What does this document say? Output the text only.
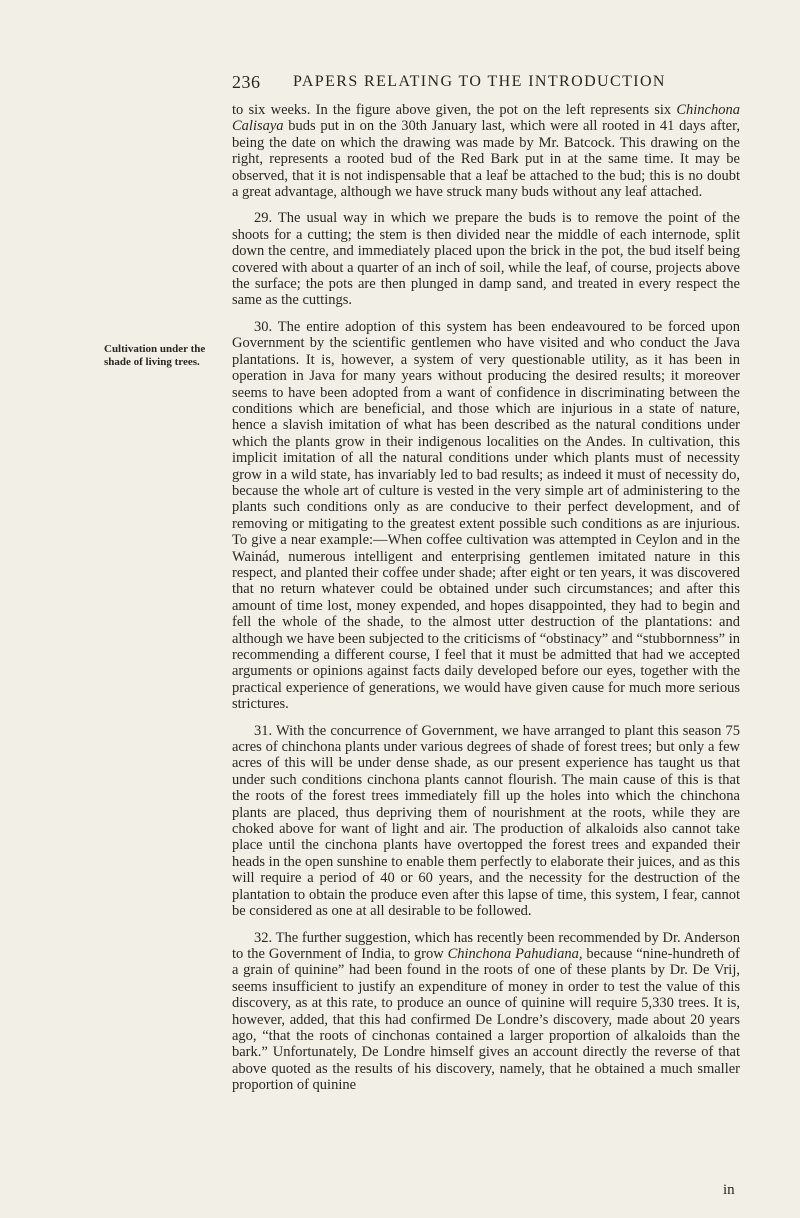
236 PAPERS RELATING TO THE INTRODUCTION
Cultivation under the shade of living trees.

to six weeks. In the figure above given, the pot on the left represents six Chinchona Calisaya buds put in on the 30th January last, which were all rooted in 41 days after, being the date on which the drawing was made by Mr. Batcock. This drawing on the right, represents a rooted bud of the Red Bark put in at the same time. It may be observed, that it is not indispensable that a leaf be attached to the bud; this is no doubt a great advantage, although we have struck many buds without any leaf attached.

29. The usual way in which we prepare the buds is to remove the point of the shoots for a cutting; the stem is then divided near the middle of each internode, split down the centre, and immediately placed upon the brick in the pot, the bud itself being covered with about a quarter of an inch of soil, while the leaf, of course, projects above the surface; the pots are then plunged in damp sand, and treated in every respect the same as the cuttings.

30. The entire adoption of this system has been endeavoured to be forced upon Government by the scientific gentlemen who have visited and who conduct the Java plantations. It is, however, a system of very questionable utility, as it has been in operation in Java for many years without producing the desired results; it moreover seems to have been adopted from a want of confidence in discriminating between the conditions which are beneficial, and those which are injurious in a state of nature, hence a slavish imitation of what has been described as the natural conditions under which the plants grow in their indigenous localities on the Andes. In cultivation, this implicit imitation of all the natural conditions under which plants must of necessity grow in a wild state, has invariably led to bad results; as indeed it must of necessity do, because the whole art of culture is vested in the very simple art of administering to the plants such conditions only as are conducive to their perfect development, and of removing or mitigating to the greatest extent possible such conditions as are injurious. To give a near example:—When coffee cultivation was attempted in Ceylon and in the Wainád, numerous intelligent and enterprising gentlemen imitated nature in this respect, and planted their coffee under shade; after eight or ten years, it was discovered that no return whatever could be obtained under such circumstances; and after this amount of time lost, money expended, and hopes disappointed, they had to begin and fell the whole of the shade, to the almost utter destruction of the plantations: and although we have been subjected to the criticisms of “obstinacy” and “stubbornness” in recommending a different course, I feel that it must be admitted that had we accepted arguments or opinions against facts daily developed before our eyes, together with the practical experience of generations, we would have given cause for much more serious strictures.

31. With the concurrence of Government, we have arranged to plant this season 75 acres of chinchona plants under various degrees of shade of forest trees; but only a few acres of this will be under dense shade, as our present experience has taught us that under such conditions cinchona plants cannot flourish. The main cause of this is that the roots of the forest trees immediately fill up the holes into which the chinchona plants are placed, thus depriving them of nourishment at the roots, while they are choked above for want of light and air. The production of alkaloids also cannot take place until the cinchona plants have overtopped the forest trees and expanded their heads in the open sunshine to enable them perfectly to elaborate their juices, and as this will require a period of 40 or 60 years, and the necessity for the destruction of the plantation to obtain the produce even after this lapse of time, this system, I fear, cannot be considered as one at all desirable to be followed.

32. The further suggestion, which has recently been recommended by Dr. Anderson to the Government of India, to grow Chinchona Pahudiana, because “nine-hundreth of a grain of quinine” had been found in the roots of one of these plants by Dr. De Vrij, seems insufficient to justify an expenditure of money in order to test the value of this discovery, as at this rate, to produce an ounce of quinine will require 5,330 trees. It is, however, added, that this had confirmed De Londre’s discovery, made about 20 years ago, “that the roots of cinchonas contained a larger proportion of alkaloids than the bark.” Unfortunately, De Londre himself gives an account directly the reverse of that above quoted as the results of his discovery, namely, that he obtained a much smaller proportion of quinine

in
